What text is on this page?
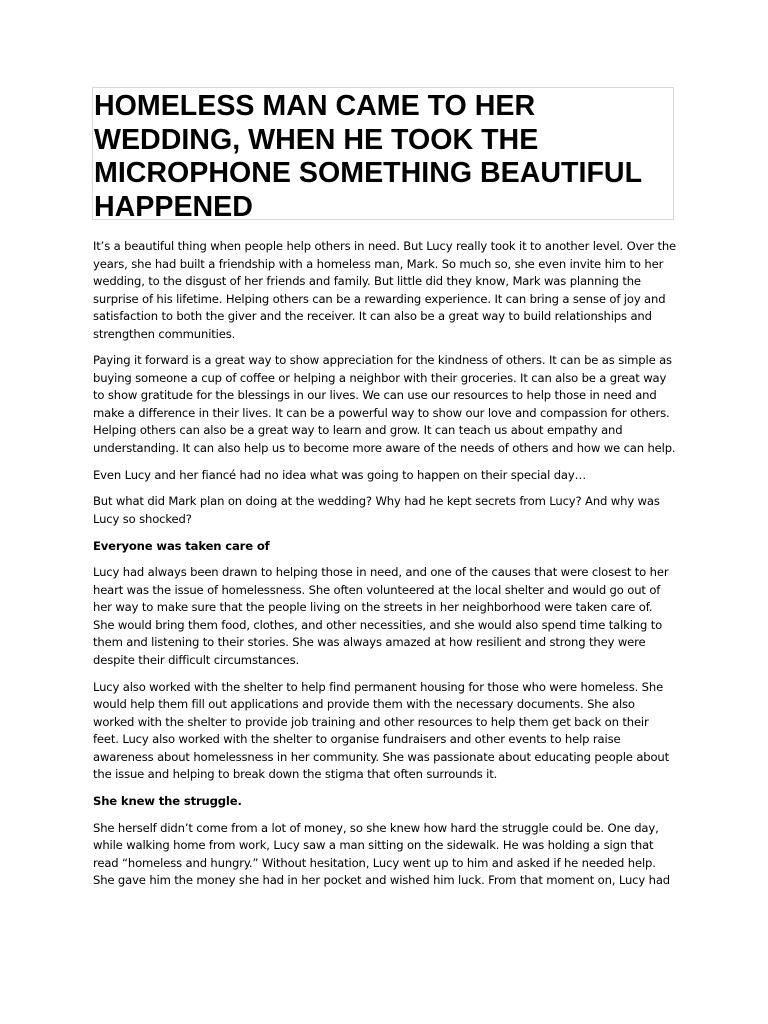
HOMELESS MAN CAME TO HER WEDDING, WHEN HE TOOK THE MICROPHONE SOMETHING BEAUTIFUL HAPPENED

It’s a beautiful thing when people help others in need. But Lucy really took it to another level. Over the years, she had built a friendship with a homeless man, Mark. So much so, she even invite him to her wedding, to the disgust of her friends and family. But little did they know, Mark was planning the surprise of his lifetime. Helping others can be a rewarding experience. It can bring a sense of joy and satisfaction to both the giver and the receiver. It can also be a great way to build relationships and strengthen communities.

Paying it forward is a great way to show appreciation for the kindness of others. It can be as simple as buying someone a cup of coffee or helping a neighbor with their groceries. It can also be a great way to show gratitude for the blessings in our lives. We can use our resources to help those in need and make a difference in their lives. It can be a powerful way to show our love and compassion for others. Helping others can also be a great way to learn and grow. It can teach us about empathy and understanding. It can also help us to become more aware of the needs of others and how we can help.

Even Lucy and her fiancé had no idea what was going to happen on their special day…

But what did Mark plan on doing at the wedding? Why had he kept secrets from Lucy? And why was Lucy so shocked?

Everyone was taken care of

Lucy had always been drawn to helping those in need, and one of the causes that were closest to her heart was the issue of homelessness. She often volunteered at the local shelter and would go out of her way to make sure that the people living on the streets in her neighborhood were taken care of. She would bring them food, clothes, and other necessities, and she would also spend time talking to them and listening to their stories. She was always amazed at how resilient and strong they were despite their difficult circumstances.

Lucy also worked with the shelter to help find permanent housing for those who were homeless. She would help them fill out applications and provide them with the necessary documents. She also worked with the shelter to provide job training and other resources to help them get back on their feet. Lucy also worked with the shelter to organise fundraisers and other events to help raise awareness about homelessness in her community. She was passionate about educating people about the issue and helping to break down the stigma that often surrounds it.

She knew the struggle.

She herself didn’t come from a lot of money, so she knew how hard the struggle could be. One day, while walking home from work, Lucy saw a man sitting on the sidewalk. He was holding a sign that read “homeless and hungry.” Without hesitation, Lucy went up to him and asked if he needed help. She gave him the money she had in her pocket and wished him luck. From that moment on, Lucy had
